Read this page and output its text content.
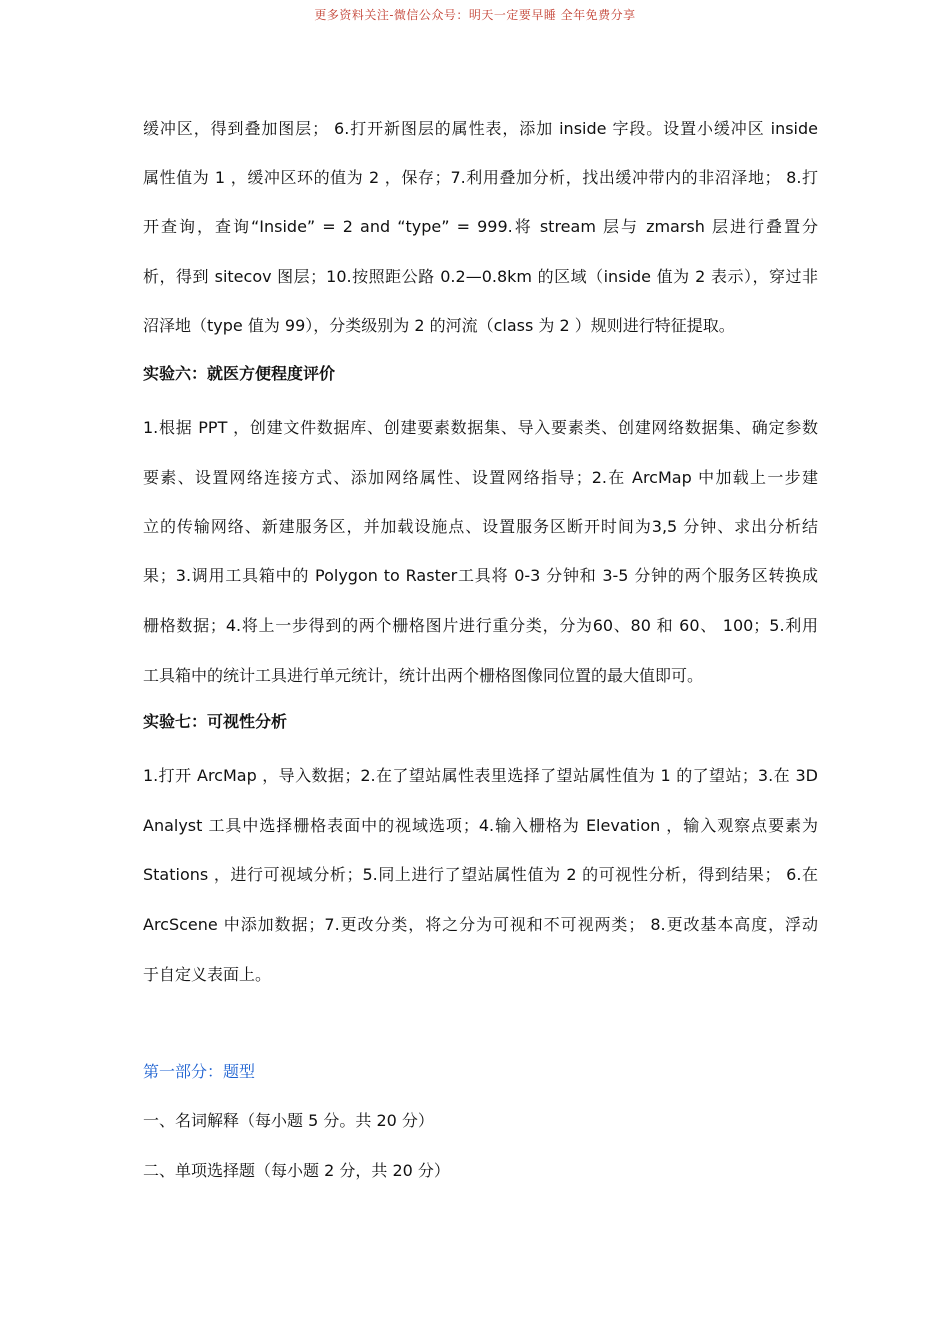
更多资料关注-微信公众号：明天一定要早睡 全年免费分享
缓冲区，得到叠加图层； 6.打开新图层的属性表，添加 inside 字段。设置小缓冲区 inside
属性值为 1 ，缓冲区环的值为 2 ，保存；7.利用叠加分析，找出缓冲带内的非沼泽地； 8.打
开查询，查询“Inside” = 2 and “type” = 999.将 stream 层与 zmarsh 层进行叠置分
析，得到 sitecov 图层；10.按照距公路 0.2—0.8km 的区域（inside 值为 2 表示），穿过非
沼泽地（type 值为 99），分类级别为 2 的河流（class 为 2 ）规则进行特征提取。
实验六：就医方便程度评价
1.根据 PPT ，创建文件数据库、创建要素数据集、导入要素类、创建网络数据集、确定参数
要素、设置网络连接方式、添加网络属性、设置网络指导；2.在 ArcMap 中加载上一步建
立的传输网络、新建服务区，并加载设施点、设置服务区断开时间为3,5 分钟、求出分析结
果；3.调用工具箱中的 Polygon to Raster工具将 0-3 分钟和 3-5 分钟的两个服务区转换成
栅格数据；4.将上一步得到的两个栅格图片进行重分类，分为60、80 和 60、 100；5.利用
工具箱中的统计工具进行单元统计，统计出两个栅格图像同位置的最大值即可。
实验七：可视性分析
1.打开 ArcMap ，导入数据；2.在了望站属性表里选择了望站属性值为 1 的了望站；3.在 3D
Analyst 工具中选择栅格表面中的视域选项；4.输入栅格为 Elevation ，输入观察点要素为
Stations ，进行可视域分析；5.同上进行了望站属性值为 2 的可视性分析，得到结果； 6.在
ArcScene 中添加数据；7.更改分类，将之分为可视和不可视两类； 8.更改基本高度，浮动
于自定义表面上。
第一部分：题型
一、名词解释（每小题 5 分。共 20 分）
二、单项选择题（每小题 2 分，共 20 分）
